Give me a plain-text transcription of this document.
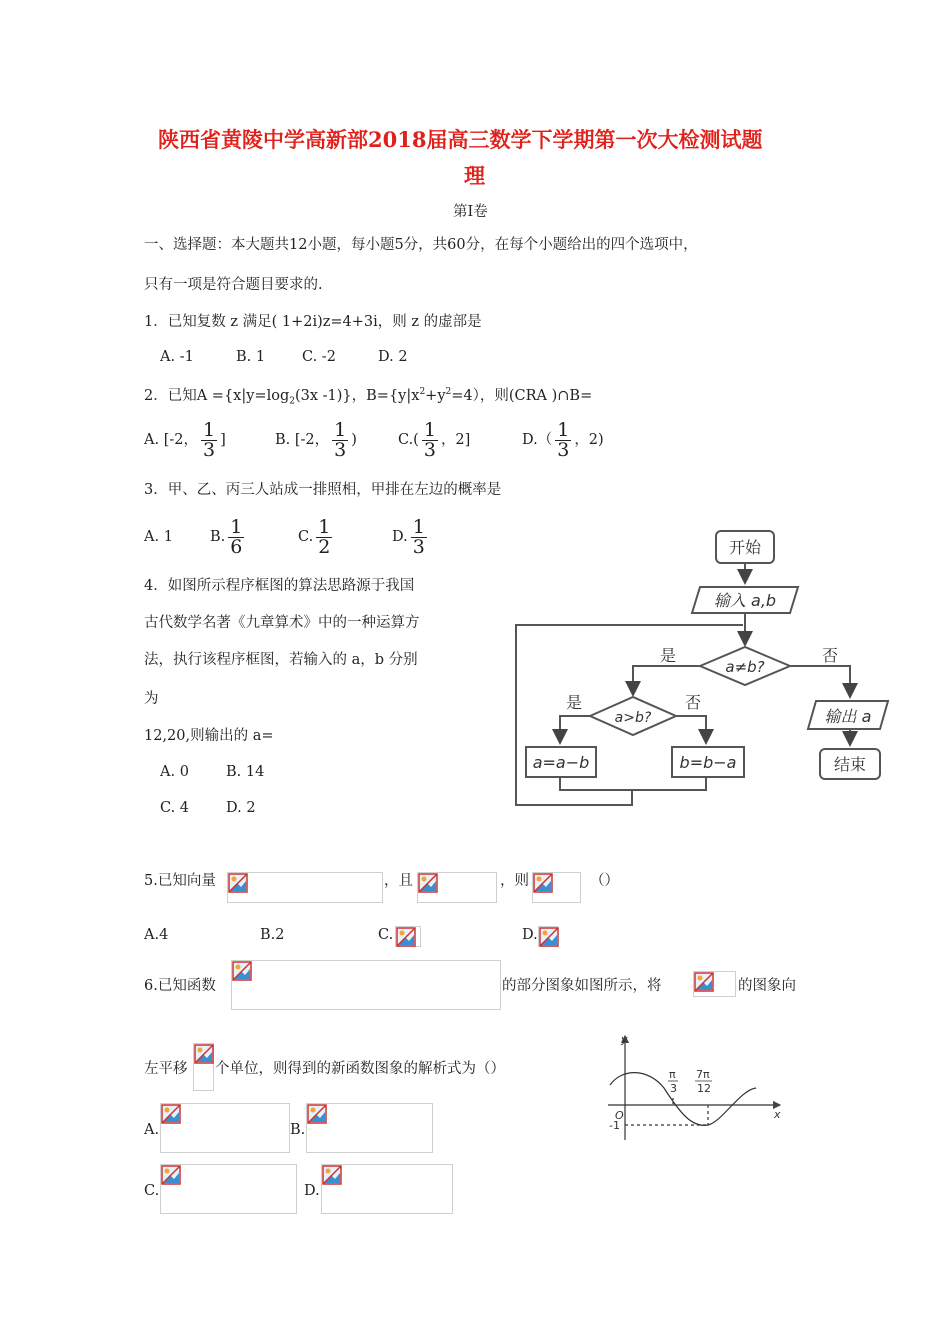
陕西省黄陵中学高新部2018届高三数学下学期第一次大检测试题
理
第Ⅰ卷
一、选择题：本大题共12小题，每小题5分，共60分，在每个小题给出的四个选项中，
只有一项是符合题目要求的.
1．已知复数 z 满足( 1+2i)z=4+3i，则 z 的虚部是
A. -1	B. 1	C. -2	D. 2
2．已知$A =\{x|y=\log_2(3x$ -1)}，$B=\{y|x^2+y^2=4)$，则(CRA )∩B=
A. [-2， $\frac{1}{3}$ ]	B. [-2， $\frac{1}{3}$ )	$C.( \frac{1}{3}$ ，2]	$D.( \frac{1}{3}$ ，2)
3．甲、乙、丙三人站成一排照相，甲排在左边的概率是
A. 1	B. $\frac{1}{6}$	C. $\frac{1}{2}$	D. $\frac{1}{3}$
4．如图所示程序框图的算法思路源于我国
古代数学名著《九章算术》中的一种运算方
法，执行该程序框图，若输入的 a，b 分别
为
12,20,则输出的 a=
A. 0	B. 14
C. 4	D. 2
开始
输入 a,b
a≠b?
a>b?
是	否
是	否
a=a−b	b=b−a
输出 a
结束
5.已知向量	，且	，则	（）
A.4	B.2	C.	D.
6.已知函数	的部分图象如图所示，将	的图象向
左平移 个单位，则得到的新函数图象的解析式为（）
A.	B.
C.	D.
y
x
O
-1
π
3
7π
12
